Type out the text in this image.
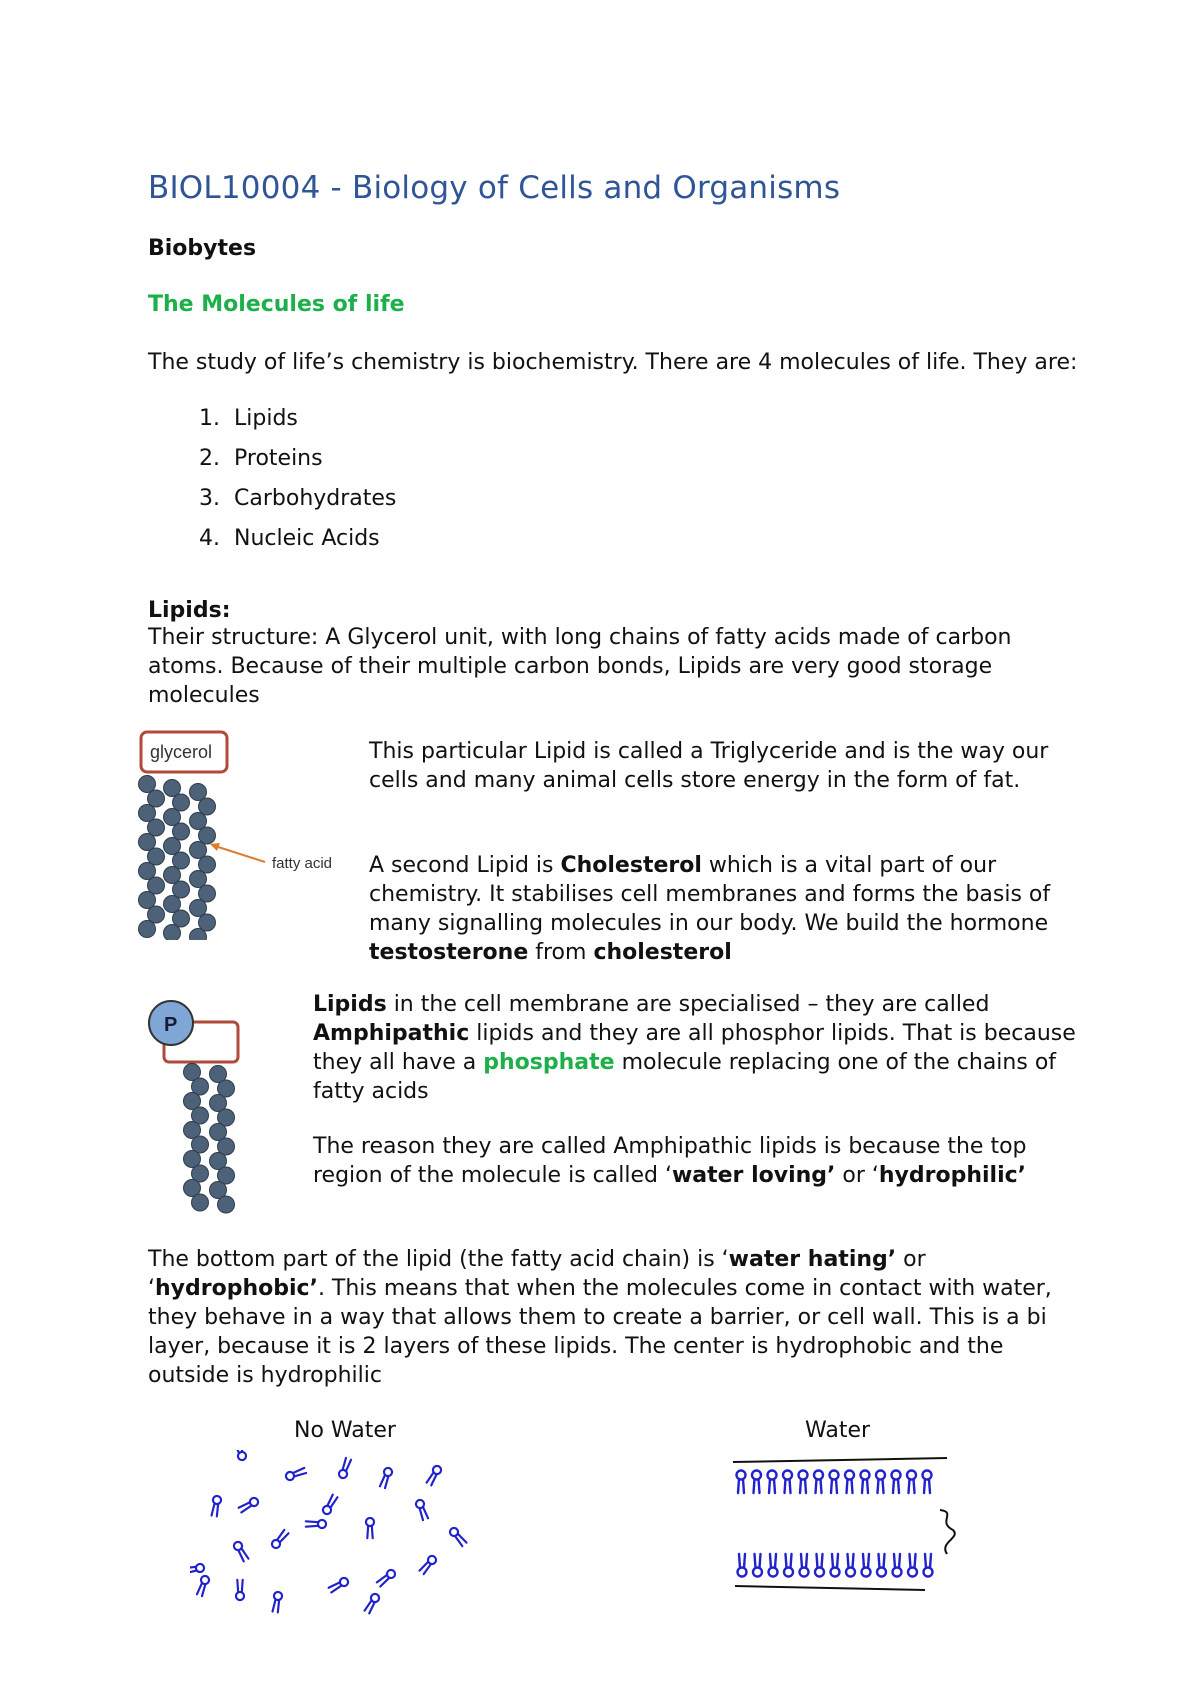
BIOL10004 - Biology of Cells and Organisms
Biobytes
The Molecules of life
The study of life’s chemistry is biochemistry. There are 4 molecules of life. They are:
1. Lipids
2. Proteins
3. Carbohydrates
4. Nucleic Acids
Lipids:
Their structure: A Glycerol unit, with long chains of fatty acids made of carbon atoms. Because of their multiple carbon bonds, Lipids are very good storage molecules
glycerol
fatty acid
This particular Lipid is called a Triglyceride and is the way our cells and many animal cells store energy in the form of fat.
A second Lipid is Cholesterol which is a vital part of our chemistry. It stabilises cell membranes and forms the basis of many signalling molecules in our body. We build the hormone testosterone from cholesterol
P
Lipids in the cell membrane are specialised – they are called Amphipathic lipids and they are all phosphor lipids. That is because they all have a phosphate molecule replacing one of the chains of fatty acids
The reason they are called Amphipathic lipids is because the top region of the molecule is called ‘water loving’ or ‘hydrophilic’
The bottom part of the lipid (the fatty acid chain) is ‘water hating’ or ‘hydrophobic’. This means that when the molecules come in contact with water, they behave in a way that allows them to create a barrier, or cell wall. This is a bi layer, because it is 2 layers of these lipids. The center is hydrophobic and the outside is hydrophilic
No Water	Water
